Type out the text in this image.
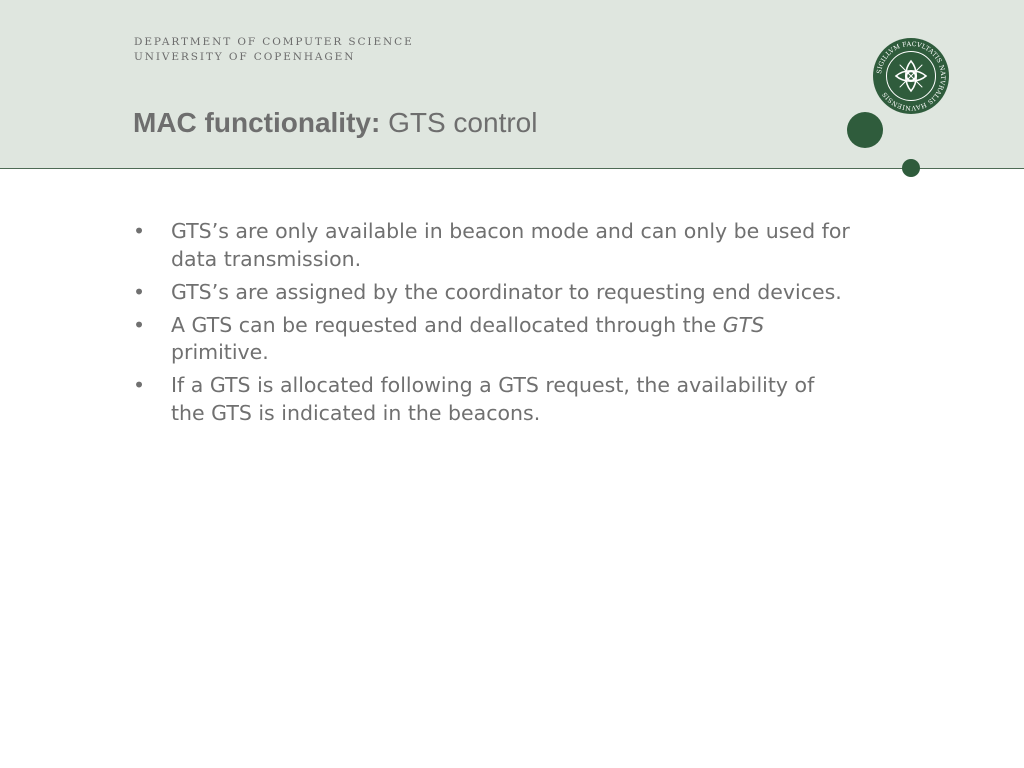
DEPARTMENT OF COMPUTER SCIENCE
UNIVERSITY OF COPENHAGEN
MAC functionality: GTS control
SIGILLVM FACVLTATIS NATVRALIS HAVNIENSIS
• GTS’s are only available in beacon mode and can only be used for data transmission.
• GTS’s are assigned by the coordinator to requesting end devices.
• A GTS can be requested and deallocated through the GTS primitive.
• If a GTS is allocated following a GTS request, the availability of the GTS is indicated in the beacons.
